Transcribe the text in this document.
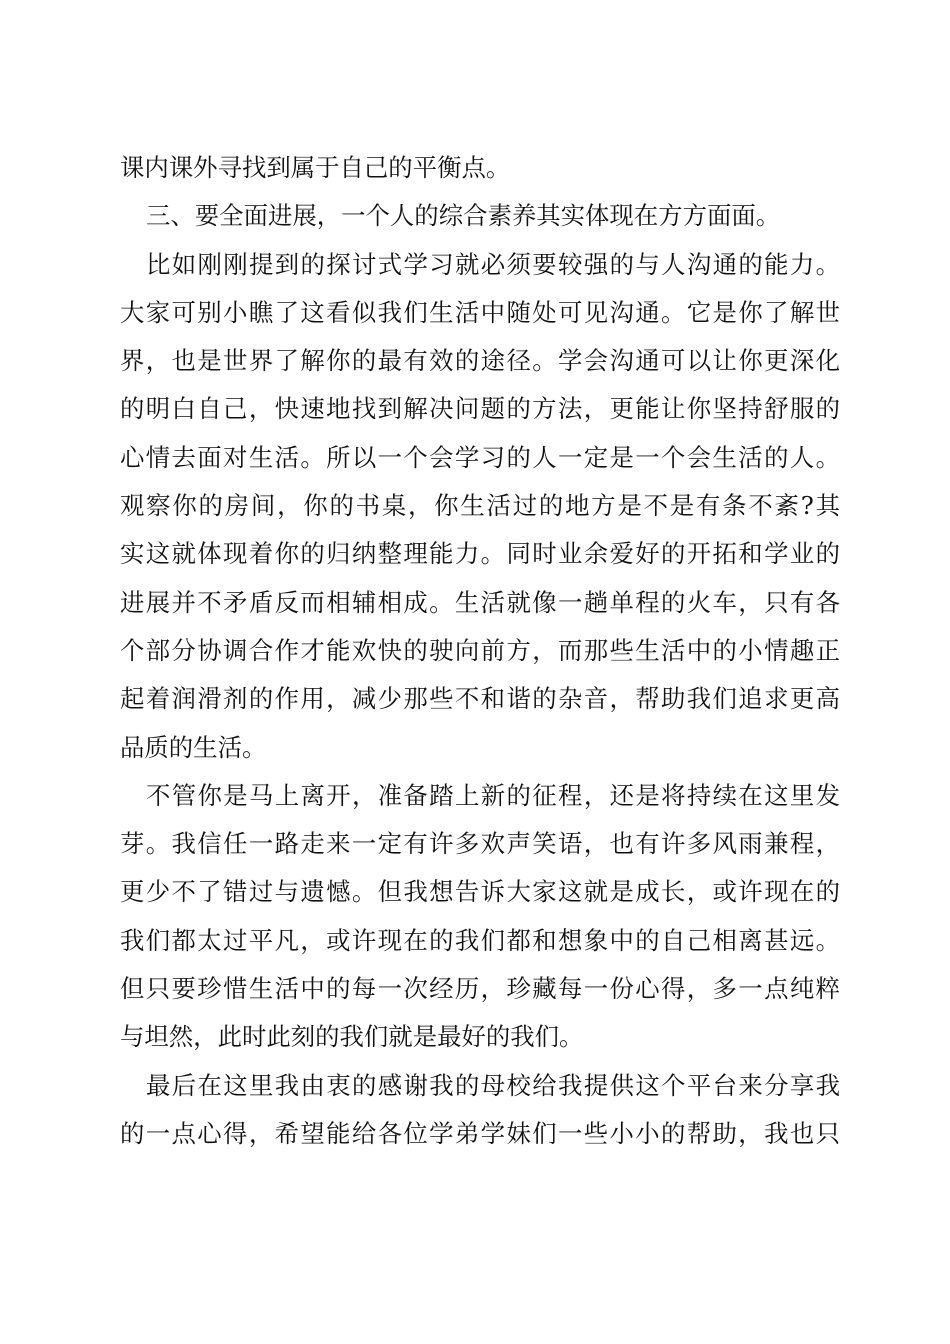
课内课外寻找到属于自己的平衡点。
三、要全面进展，一个人的综合素养其实体现在方方面面。
比如刚刚提到的探讨式学习就必须要较强的与人沟通的能力。
大家可别小瞧了这看似我们生活中随处可见沟通。它是你了解世
界，也是世界了解你的最有效的途径。学会沟通可以让你更深化
的明白自己，快速地找到解决问题的方法，更能让你坚持舒服的
心情去面对生活。所以一个会学习的人一定是一个会生活的人。
观察你的房间，你的书桌，你生活过的地方是不是有条不紊?其
实这就体现着你的归纳整理能力。同时业余爱好的开拓和学业的
进展并不矛盾反而相辅相成。生活就像一趟单程的火车，只有各
个部分协调合作才能欢快的驶向前方，而那些生活中的小情趣正
起着润滑剂的作用，减少那些不和谐的杂音，帮助我们追求更高
品质的生活。
不管你是马上离开，准备踏上新的征程，还是将持续在这里发
芽。我信任一路走来一定有许多欢声笑语，也有许多风雨兼程，
更少不了错过与遗憾。但我想告诉大家这就是成长，或许现在的
我们都太过平凡，或许现在的我们都和想象中的自己相离甚远。
但只要珍惜生活中的每一次经历，珍藏每一份心得，多一点纯粹
与坦然，此时此刻的我们就是最好的我们。
最后在这里我由衷的感谢我的母校给我提供这个平台来分享我
的一点心得，希望能给各位学弟学妹们一些小小的帮助，我也只
